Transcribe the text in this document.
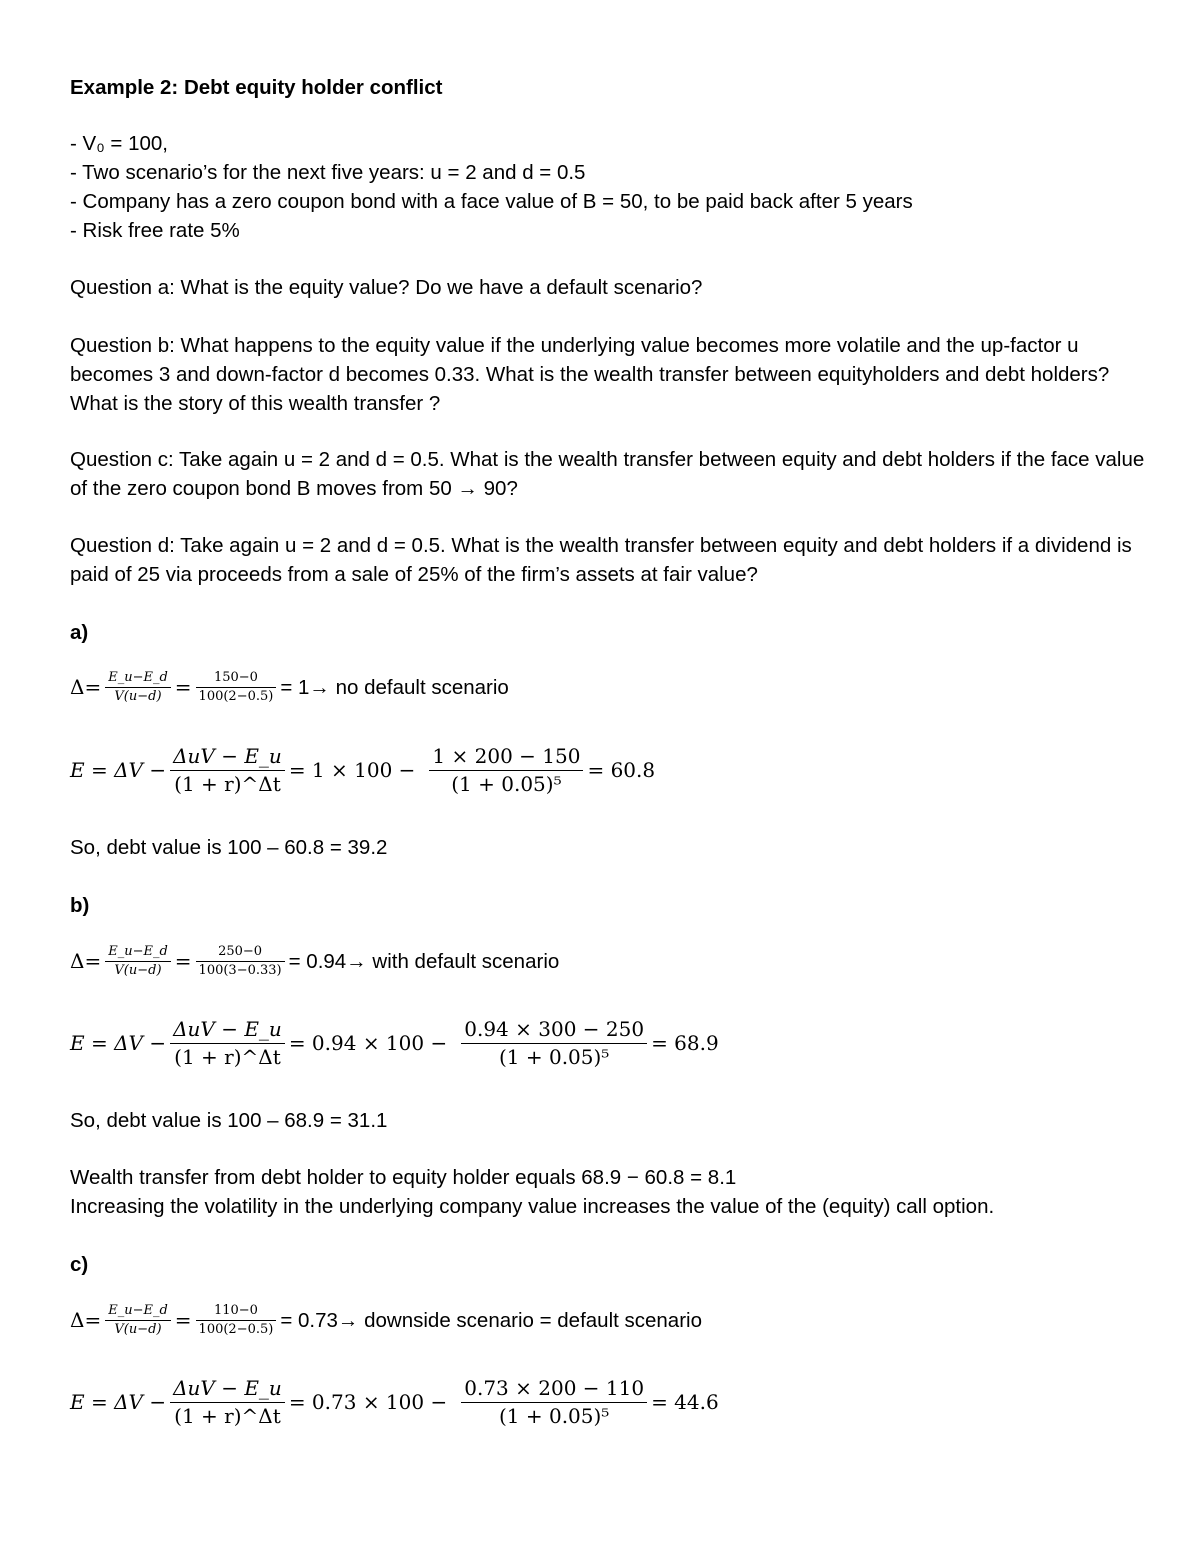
Example 2: Debt equity holder conflict
- V₀ = 100,
- Two scenario’s for the next five years: u = 2 and d = 0.5
- Company has a zero coupon bond with a face value of B = 50, to be paid back after 5 years
- Risk free rate 5%
Question a: What is the equity value? Do we have a default scenario?
Question b: What happens to the equity value if the underlying value becomes more volatile and the up-factor u becomes 3 and down-factor d becomes 0.33. What is the wealth transfer between equityholders and debt holders? What is the story of this wealth transfer ?
Question c: Take again u = 2 and d = 0.5. What is the wealth transfer between equity and debt holders if the face value of the zero coupon bond B moves from 50 → 90?
Question d: Take again u = 2 and d = 0.5. What is the wealth transfer between equity and debt holders if a dividend is paid of 25 via proceeds from a sale of 25% of the firm’s assets at fair value?
a)
$\Delta= \frac{E\_u-E\_d}{V(u-d)} = \frac{150-0}{100(2-0.5)} = 1\to$ no default scenario
$E = \Delta V - \frac{\text{ΔuV − E\_u}}{(1 + r)\^{}\Delta t} = 1 \times 100 - \frac{1 \times 200 - 150}{\text{(1 + 0.05)⁵}} = 60.8$
So, debt value is 100 – 60.8 = 39.2
b)
$\Delta= \frac{E\_u-E\_d}{V(u-d)} = \frac{250-0}{100(3-0.33)} = 0.94\to$ with default scenario
$E = \Delta V - \frac{\text{ΔuV − E\_u}}{(1 + r)\^{}\Delta t} = 0.94 \times 100 - \frac{0.94 \times 300 - 250}{\text{(1 + 0.05)⁵}} = 68.9$
So, debt value is 100 – 68.9 = 31.1
Wealth transfer from debt holder to equity holder equals 68.9 − 60.8 = 8.1
Increasing the volatility in the underlying company value increases the value of the (equity) call option.
c)
$\Delta= \frac{E\_u-E\_d}{V(u-d)} = \frac{110-0}{100(2-0.5)} = 0.73\to$ downside scenario = default scenario
$E = \Delta V - \frac{\text{ΔuV − E\_u}}{(1 + r)\^{}\Delta t} = 0.73 \times 100 - \frac{0.73 \times 200 - 110}{\text{(1 + 0.05)⁵}} = 44.6$
